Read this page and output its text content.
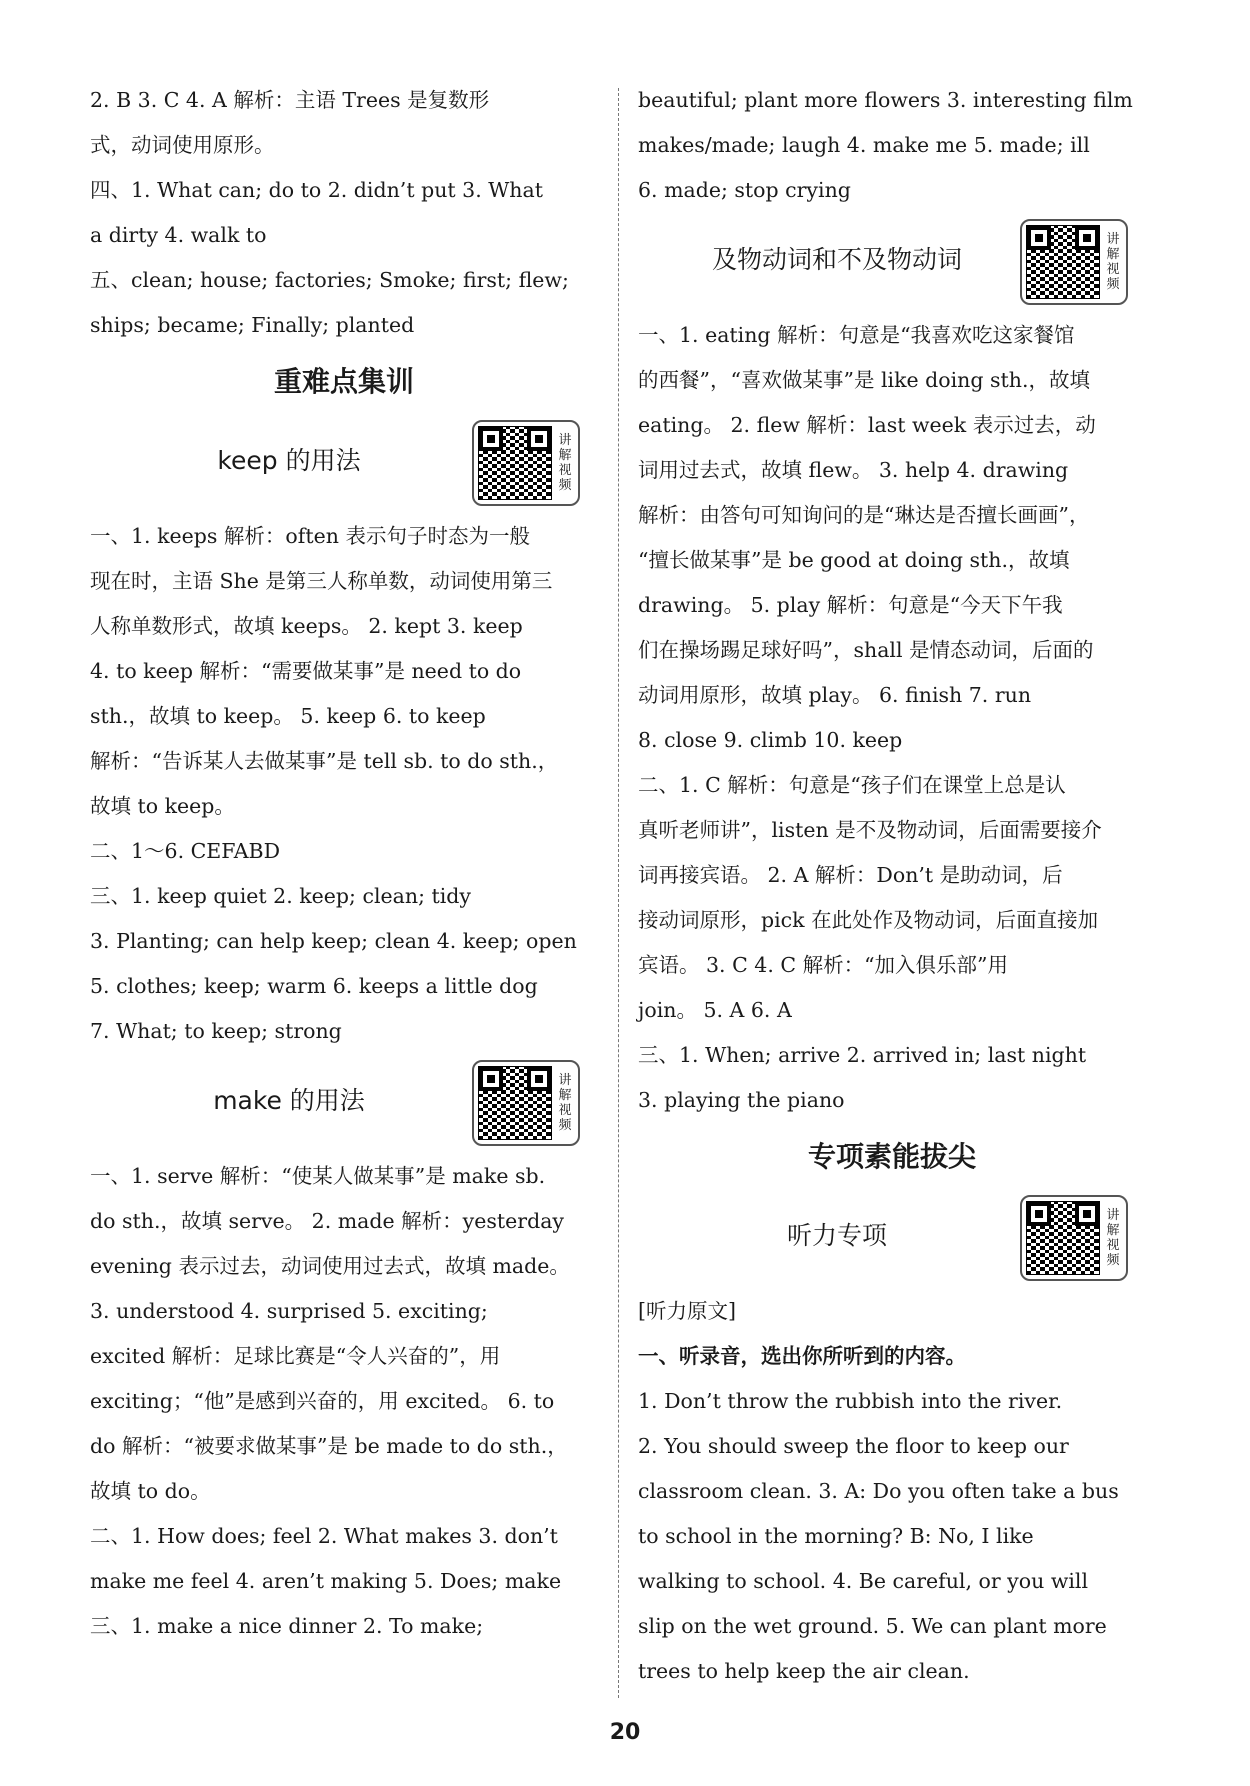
2. B 3. C 4. A 解析：主语 Trees 是复数形

式，动词使用原形。

四、1. What can; do to 2. didn’t put 3. What

a dirty 4. walk to

五、clean; house; factories; Smoke; first; flew;

ships; became; Finally; planted

重难点集训
keep 的用法
讲
解
视
频

一、1. keeps 解析：often 表示句子时态为一般

现在时，主语 She 是第三人称单数，动词使用第三

人称单数形式，故填 keeps。 2. kept 3. keep

4. to keep 解析：“需要做某事”是 need to do

sth.，故填 to keep。 5. keep 6. to keep

解析：“告诉某人去做某事”是 tell sb. to do sth.，

故填 to keep。

二、1～6. CEFABD

三、1. keep quiet 2. keep; clean; tidy

3. Planting; can help keep; clean 4. keep; open

5. clothes; keep; warm 6. keeps a little dog

7. What; to keep; strong

make 的用法
讲
解
视
频

一、1. serve 解析：“使某人做某事”是 make sb.

do sth.，故填 serve。 2. made 解析：yesterday

evening 表示过去，动词使用过去式，故填 made。

3. understood 4. surprised 5. exciting;

excited 解析：足球比赛是“令人兴奋的”，用

exciting；“他”是感到兴奋的，用 excited。 6. to

do 解析：“被要求做某事”是 be made to do sth.，

故填 to do。

二、1. How does; feel 2. What makes 3. don’t

make me feel 4. aren’t making 5. Does; make

三、1. make a nice dinner 2. To make;

beautiful; plant more flowers 3. interesting film

makes/made; laugh 4. make me 5. made; ill

6. made; stop crying

及物动词和不及物动词
讲
解
视
频

一、1. eating 解析：句意是“我喜欢吃这家餐馆

的西餐”，“喜欢做某事”是 like doing sth.，故填

eating。 2. flew 解析：last week 表示过去，动

词用过去式，故填 flew。 3. help 4. drawing

解析：由答句可知询问的是“琳达是否擅长画画”，

“擅长做某事”是 be good at doing sth.，故填

drawing。 5. play 解析：句意是“今天下午我

们在操场踢足球好吗”，shall 是情态动词，后面的

动词用原形，故填 play。 6. finish 7. run

8. close 9. climb 10. keep

二、1. C 解析：句意是“孩子们在课堂上总是认

真听老师讲”，listen 是不及物动词，后面需要接介

词再接宾语。 2. A 解析：Don’t 是助动词，后

接动词原形，pick 在此处作及物动词，后面直接加

宾语。 3. C 4. C 解析：“加入俱乐部”用

join。 5. A 6. A

三、1. When; arrive 2. arrived in; last night

3. playing the piano

专项素能拔尖
听力专项
讲
解
视
频

[听力原文]

一、听录音，选出你所听到的内容。

1. Don’t throw the rubbish into the river.

2. You should sweep the floor to keep our

classroom clean. 3. A: Do you often take a bus

to school in the morning? B: No, I like

walking to school. 4. Be careful, or you will

slip on the wet ground. 5. We can plant more

trees to help keep the air clean.

20
